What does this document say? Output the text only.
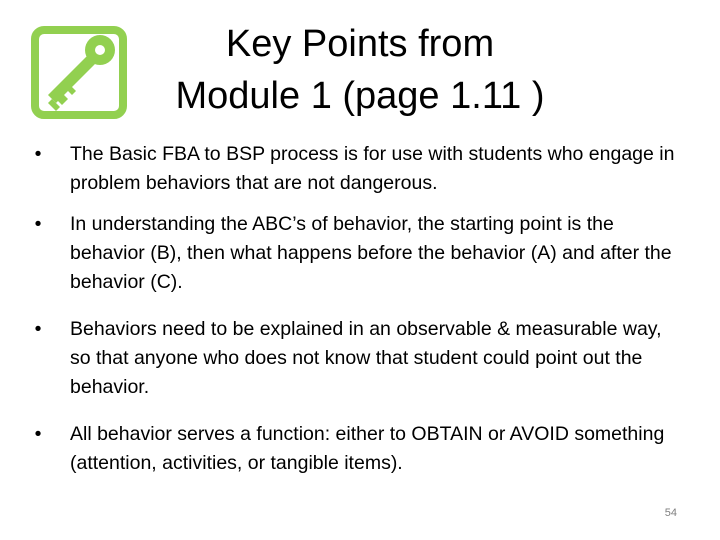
Key Points from
Module 1 (page 1.11 )
•	The Basic FBA to BSP process is for use with students who engage in problem behaviors that are not dangerous.
•	In understanding the ABC’s of behavior, the starting point is the behavior (B), then what happens before the behavior (A) and after the behavior (C).
•	Behaviors need to be explained in an observable & measurable way, so that anyone who does not know that student could point out the behavior.
•	All behavior serves a function: either to OBTAIN or AVOID something (attention, activities, or tangible items).
54
